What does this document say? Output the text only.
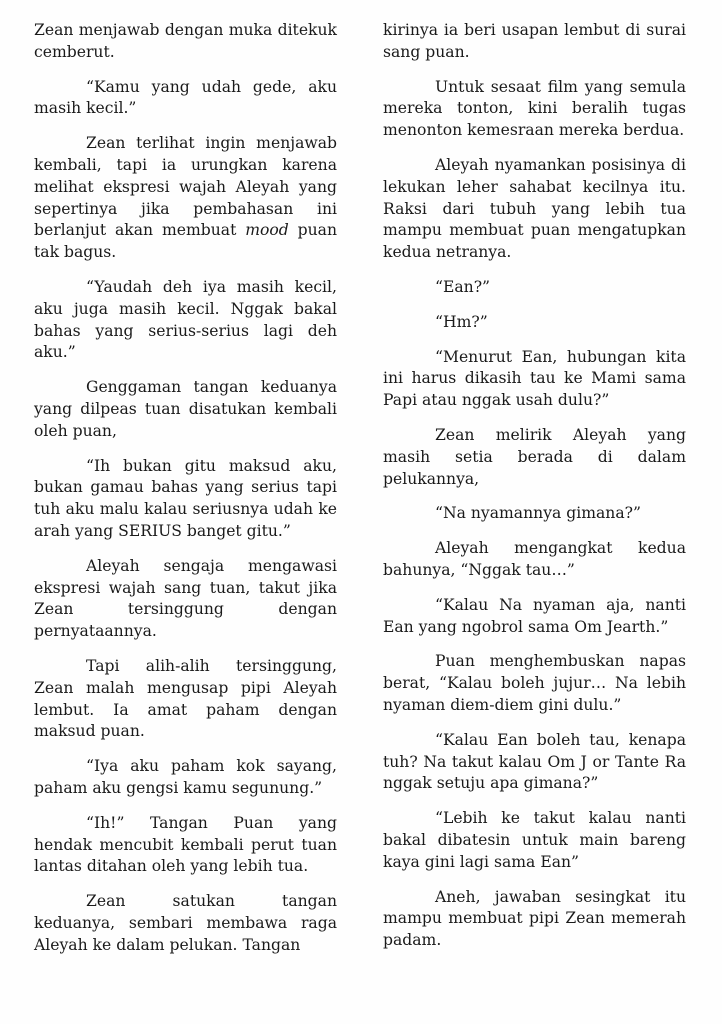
Zean menjawab dengan muka ditekuk cemberut.

“Kamu yang udah gede, aku masih kecil.”

Zean terlihat ingin menjawab kembali, tapi ia urungkan karena melihat ekspresi wajah Aleyah yang sepertinya jika pembahasan ini berlanjut akan membuat mood puan tak bagus.

“Yaudah deh iya masih kecil, aku juga masih kecil. Nggak bakal bahas yang serius-serius lagi deh aku.”

Genggaman tangan keduanya yang dilpeas tuan disatukan kembali oleh puan,

“Ih bukan gitu maksud aku, bukan gamau bahas yang serius tapi tuh aku malu kalau seriusnya udah ke arah yang SERIUS banget gitu.”

Aleyah sengaja mengawasi ekspresi wajah sang tuan, takut jika Zean tersinggung dengan pernyataannya.

Tapi alih-alih tersinggung, Zean malah mengusap pipi Aleyah lembut. Ia amat paham dengan maksud puan.

“Iya aku paham kok sayang, paham aku gengsi kamu segunung.”

“Ih!” Tangan Puan yang hendak mencubit kembali perut tuan lantas ditahan oleh yang lebih tua.

Zean satukan tangan keduanya, sembari membawa raga Aleyah ke dalam pelukan. Tangan

kirinya ia beri usapan lembut di surai sang puan.

Untuk sesaat film yang semula mereka tonton, kini beralih tugas menonton kemesraan mereka berdua.

Aleyah nyamankan posisinya di lekukan leher sahabat kecilnya itu. Raksi dari tubuh yang lebih tua mampu membuat puan mengatupkan kedua netranya.

“Ean?”

“Hm?”

“Menurut Ean, hubungan kita ini harus dikasih tau ke Mami sama Papi atau nggak usah dulu?”

Zean melirik Aleyah yang masih setia berada di dalam pelukannya,

“Na nyamannya gimana?”

Aleyah mengangkat kedua bahunya, “Nggak tau…”

“Kalau Na nyaman aja, nanti Ean yang ngobrol sama Om Jearth.”

Puan menghembuskan napas berat, “Kalau boleh jujur… Na lebih nyaman diem-diem gini dulu.”

“Kalau Ean boleh tau, kenapa tuh? Na takut kalau Om J or Tante Ra nggak setuju apa gimana?”

“Lebih ke takut kalau nanti bakal dibatesin untuk main bareng kaya gini lagi sama Ean”

Aneh, jawaban sesingkat itu mampu membuat pipi Zean memerah padam.
